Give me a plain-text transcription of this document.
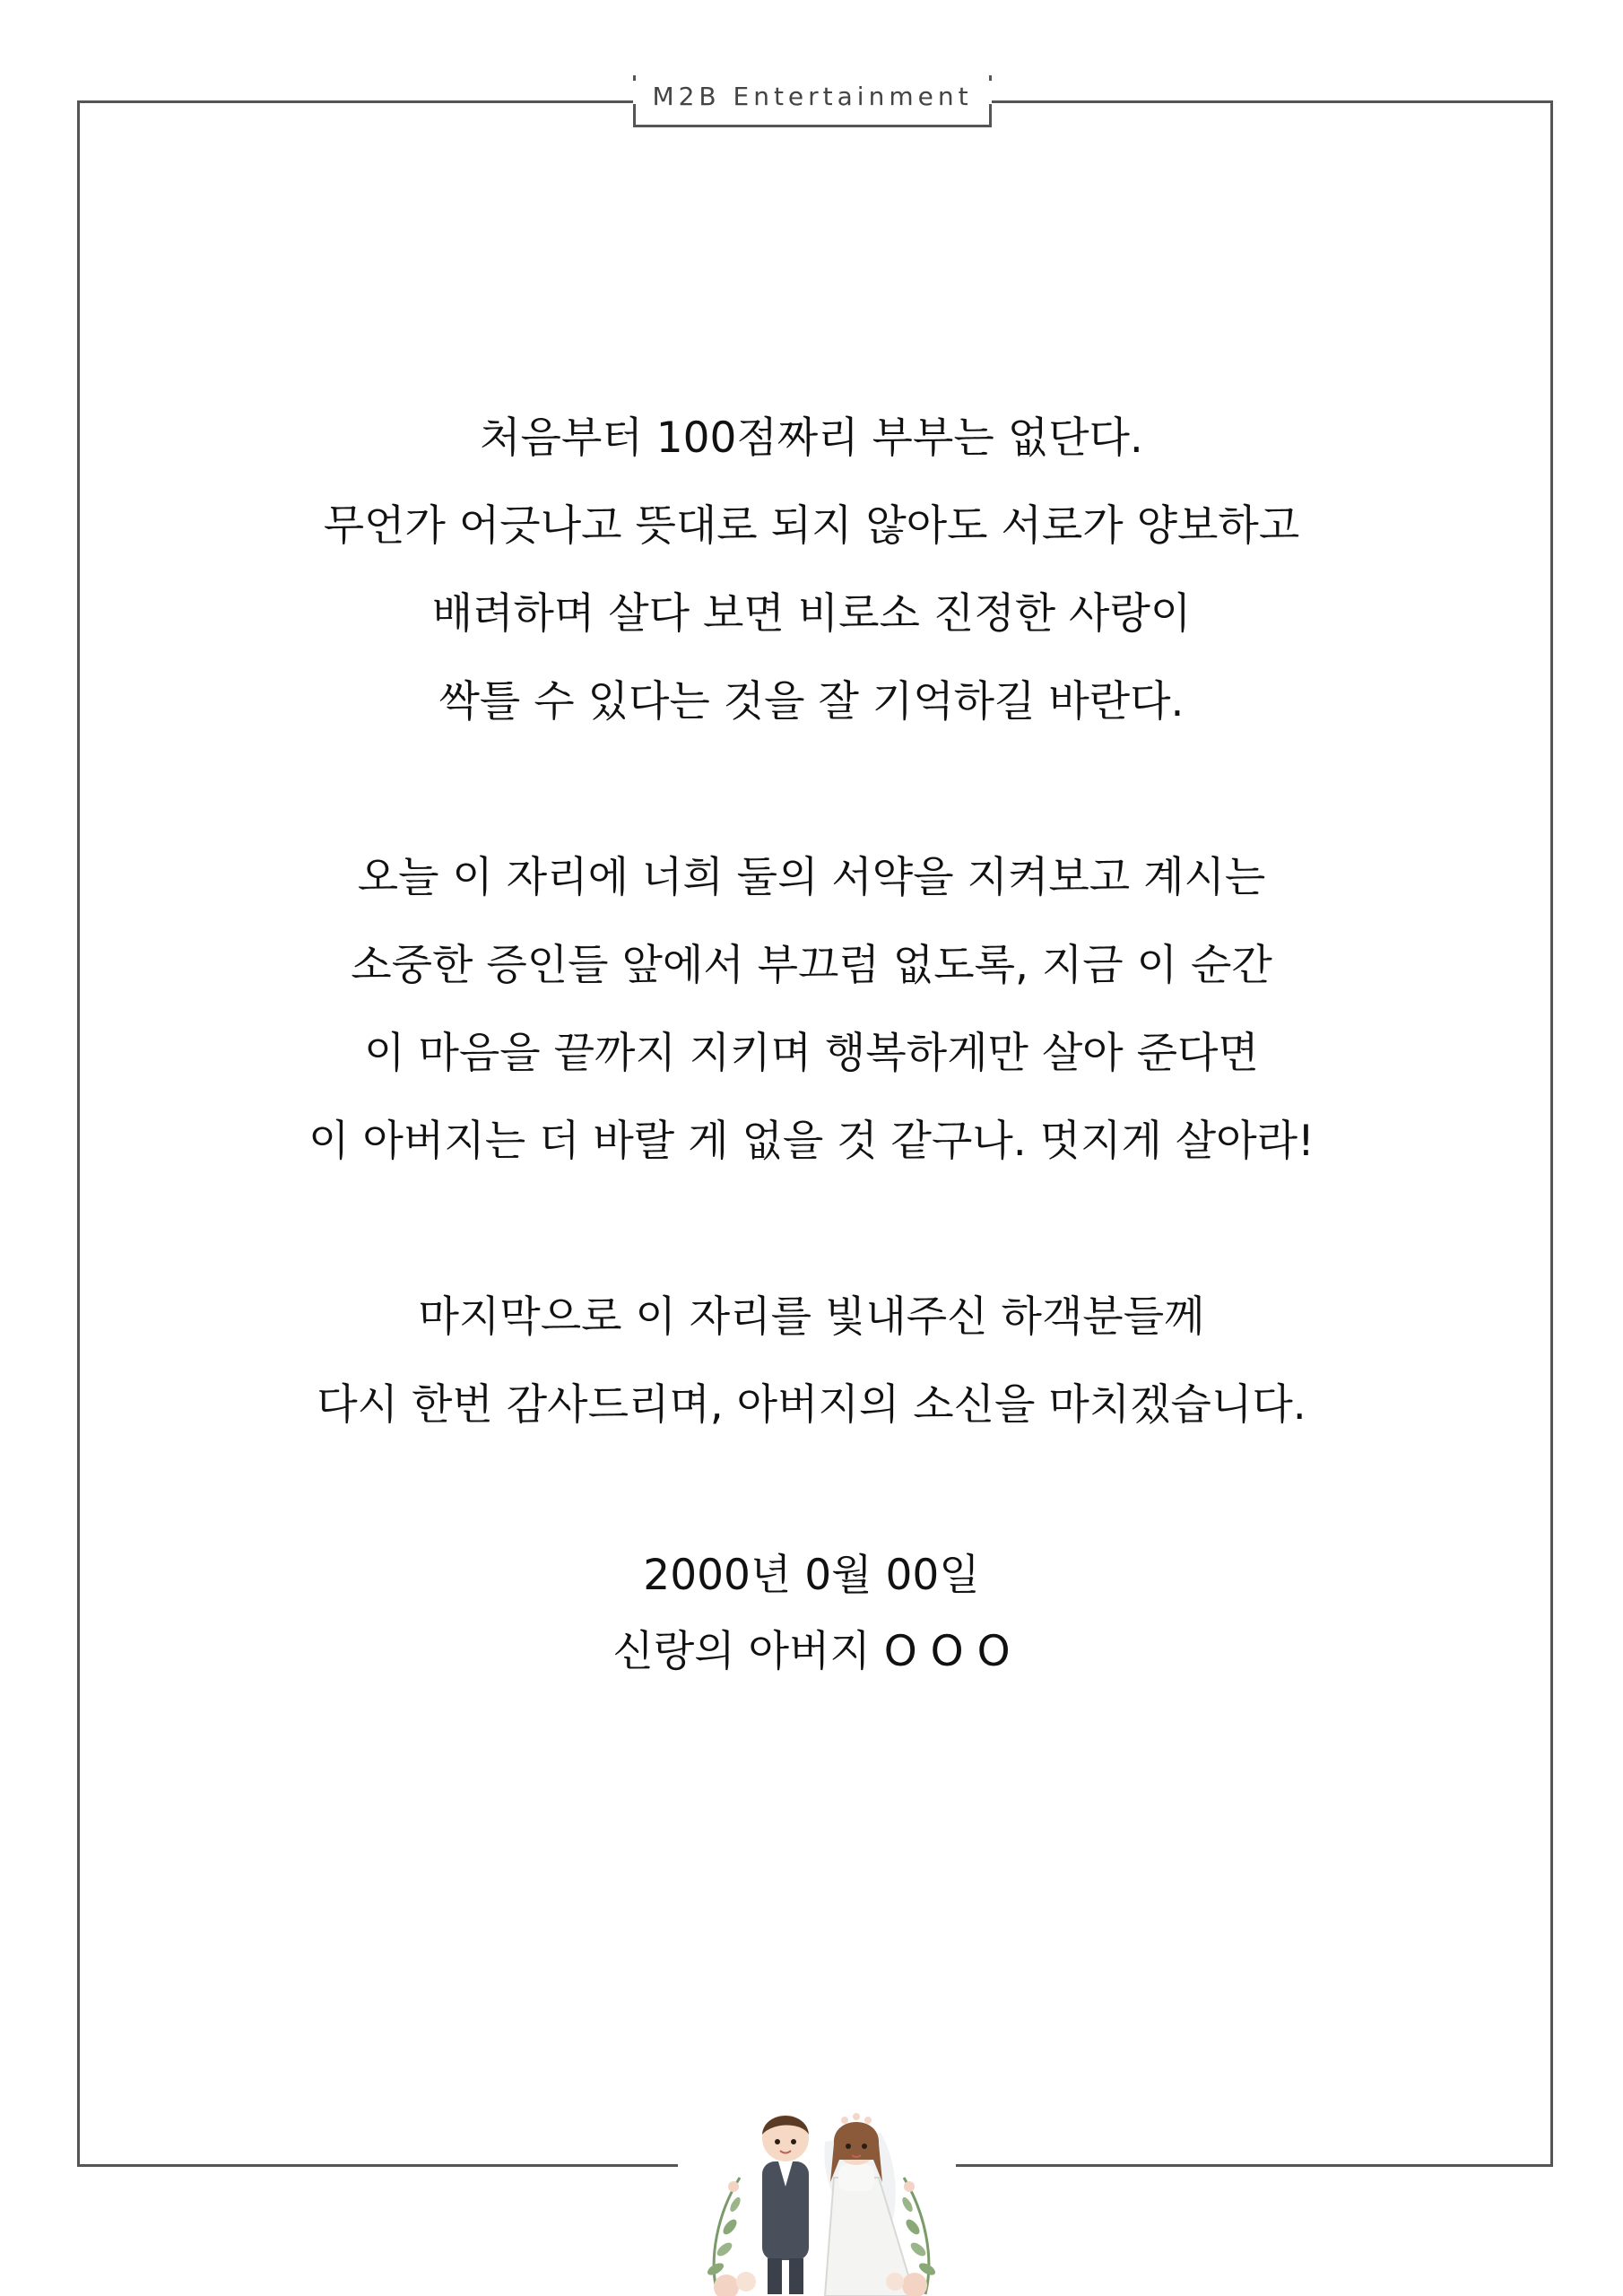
M2B Entertainment
처음부터 100점짜리 부부는 없단다.
무언가 어긋나고 뜻대로 되지 않아도 서로가 양보하고
배려하며 살다 보면 비로소 진정한 사랑이
싹틀 수 있다는 것을 잘 기억하길 바란다.
오늘 이 자리에 너희 둘의 서약을 지켜보고 계시는
소중한 증인들 앞에서 부끄럼 없도록, 지금 이 순간
이 마음을 끝까지 지키며 행복하게만 살아 준다면
이 아버지는 더 바랄 게 없을 것 같구나. 멋지게 살아라!
마지막으로 이 자리를 빛내주신 하객분들께
다시 한번 감사드리며, 아버지의 소신을 마치겠습니다.
2000년 0월 00일
신랑의 아버지 O O O
